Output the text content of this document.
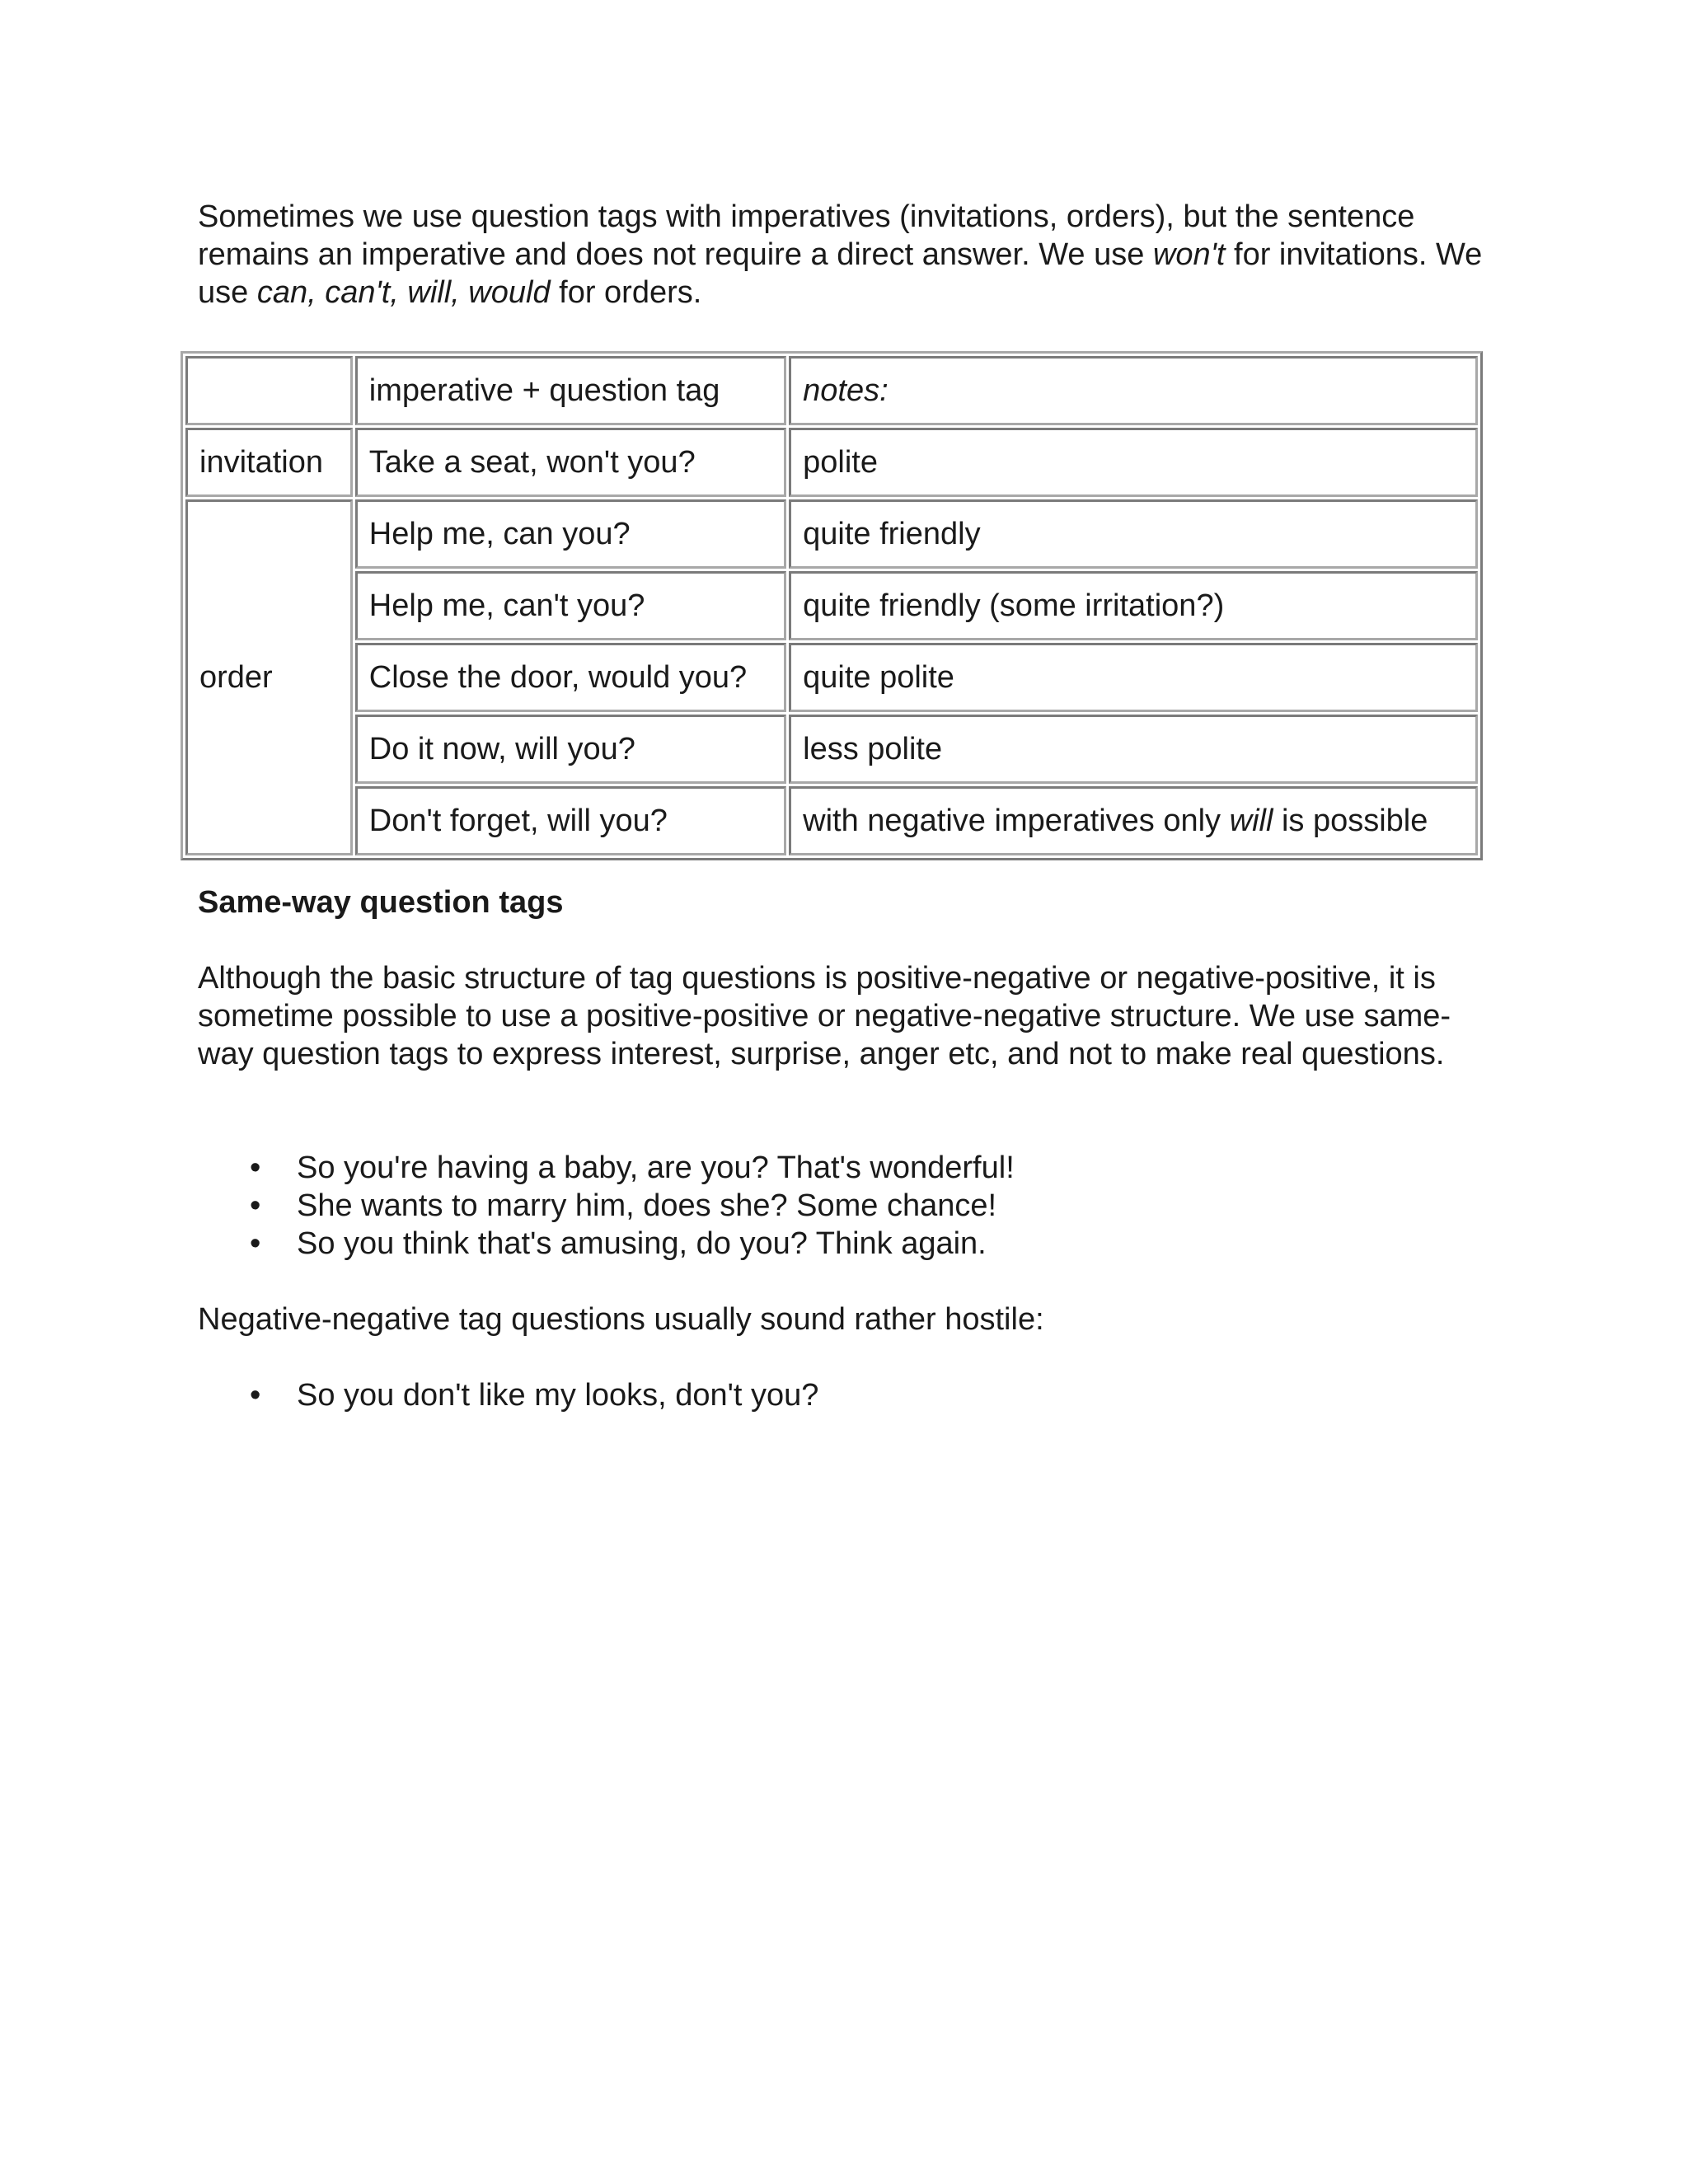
Sometimes we use question tags with imperatives (invitations, orders), but the sentence remains an imperative and does not require a direct answer. We use won't for invitations. We use can, can't, will, would for orders.

	imperative + question tag	notes:
invitation	Take a seat, won't you?	polite
order	Help me, can you?	quite friendly
	Help me, can't you?	quite friendly (some irritation?)
	Close the door, would you?	quite polite
	Do it now, will you?	less polite
	Don't forget, will you?	with negative imperatives only will is possible

Same-way question tags

Although the basic structure of tag questions is positive-negative or negative-positive, it is sometime possible to use a positive-positive or negative-negative structure. We use same-way question tags to express interest, surprise, anger etc, and not to make real questions.

• So you're having a baby, are you? That's wonderful!
• She wants to marry him, does she? Some chance!
• So you think that's amusing, do you? Think again.

Negative-negative tag questions usually sound rather hostile:

• So you don't like my looks, don't you?
